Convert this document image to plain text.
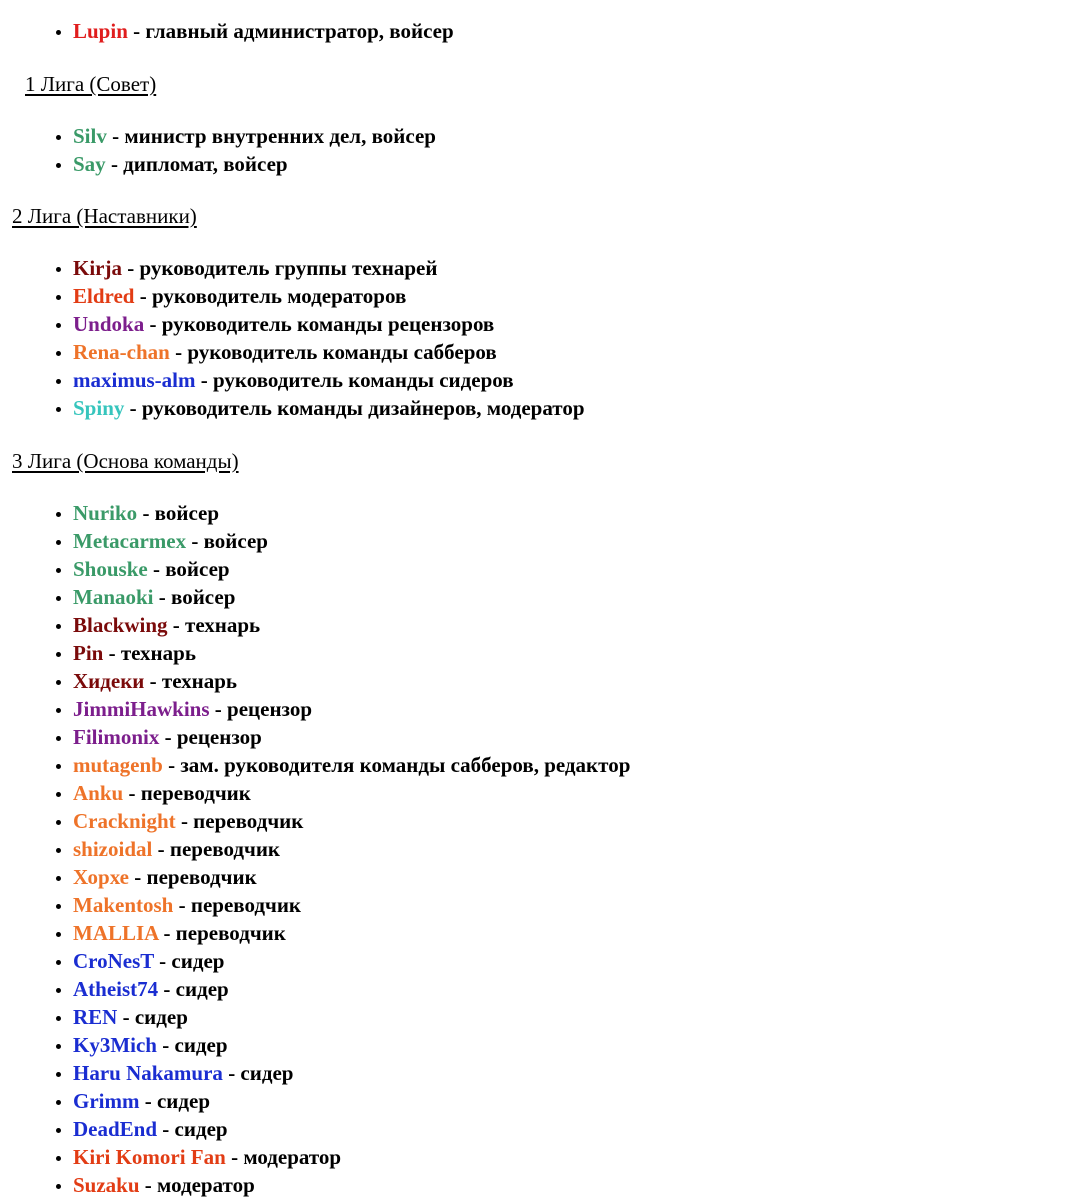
• Lupin - главный администратор, войсер
1 Лига (Совет)
• Silv - министр внутренних дел, войсер
• Say - дипломат, войсер
2 Лига (Наставники)
• Kirja - руководитель группы технарей
• Eldred - руководитель модераторов
• Undoka - руководитель команды рецензоров
• Rena-chan - руководитель команды сабберов
• maximus-alm - руководитель команды сидеров
• Spiny - руководитель команды дизайнеров, модератор
3 Лига (Основа команды)
• Nuriko - войсер
• Metacarmex - войсер
• Shouske - войсер
• Manaoki - войсер
• Blackwing - технарь
• Pin - технарь
• Хидеки - технарь
• JimmiHawkins - рецензор
• Filimonix - рецензор
• mutagenb - зам. руководителя команды сабберов, редактор
• Anku - переводчик
• Cracknight - переводчик
• shizoidal - переводчик
• Хорхе - переводчик
• Makentosh - переводчик
• MALLIA - переводчик
• CroNesT - сидер
• Atheist74 - сидер
• REN - сидер
• Ky3Mich - сидер
• Haru Nakamura - сидер
• Grimm - сидер
• DeadEnd - сидер
• Kiri Komori Fan - модератор
• Suzaku - модератор
